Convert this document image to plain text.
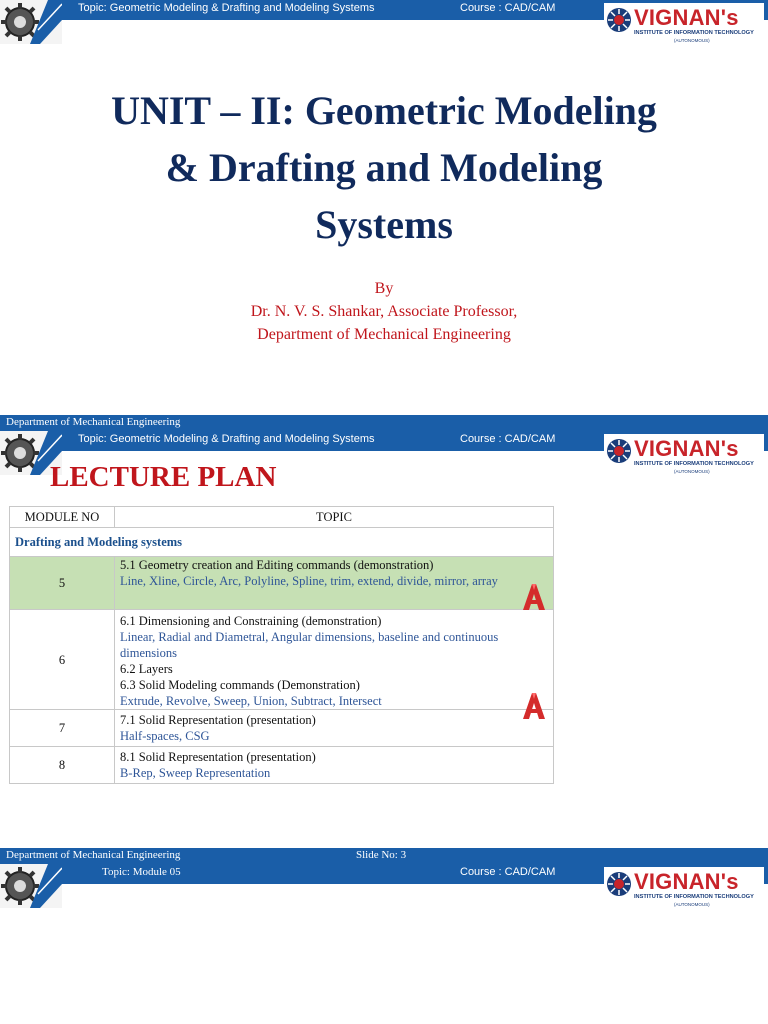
Topic: Geometric Modeling & Drafting and Modeling Systems	Course : CAD/CAM	VIGNAN's
INSTITUTE OF INFORMATION TECHNOLOGY
(AUTONOMOUS)
UNIT – II: Geometric Modeling
& Drafting and Modeling
Systems
By
Dr. N. V. S. Shankar, Associate Professor,
Department of Mechanical Engineering
Department of Mechanical Engineering
Topic: Geometric Modeling & Drafting and Modeling Systems	Course : CAD/CAM	VIGNAN's
INSTITUTE OF INFORMATION TECHNOLOGY
(AUTONOMOUS)
LECTURE PLAN
MODULE NO	TOPIC
Drafting and Modeling systems	
5	5.1 Geometry creation and Editing commands (demonstration)
Line, Xline, Circle, Arc, Polyline, Spline, trim, extend, divide, mirror, array

6	6.1 Dimensioning and Constraining (demonstration)
Linear, Radial and Diametral, Angular dimensions, baseline and continuous dimensions
6.2 Layers
6.3 Solid Modeling commands (Demonstration)
Extrude, Revolve, Sweep, Union, Subtract, Intersect

7	7.1 Solid Representation (presentation)
Half-spaces, CSG

8	8.1 Solid Representation (presentation)
B-Rep, Sweep Representation
Department of Mechanical Engineering	Slide No: 3
Topic: Module 05	Course : CAD/CAM	VIGNAN's
INSTITUTE OF INFORMATION TECHNOLOGY
(AUTONOMOUS)
